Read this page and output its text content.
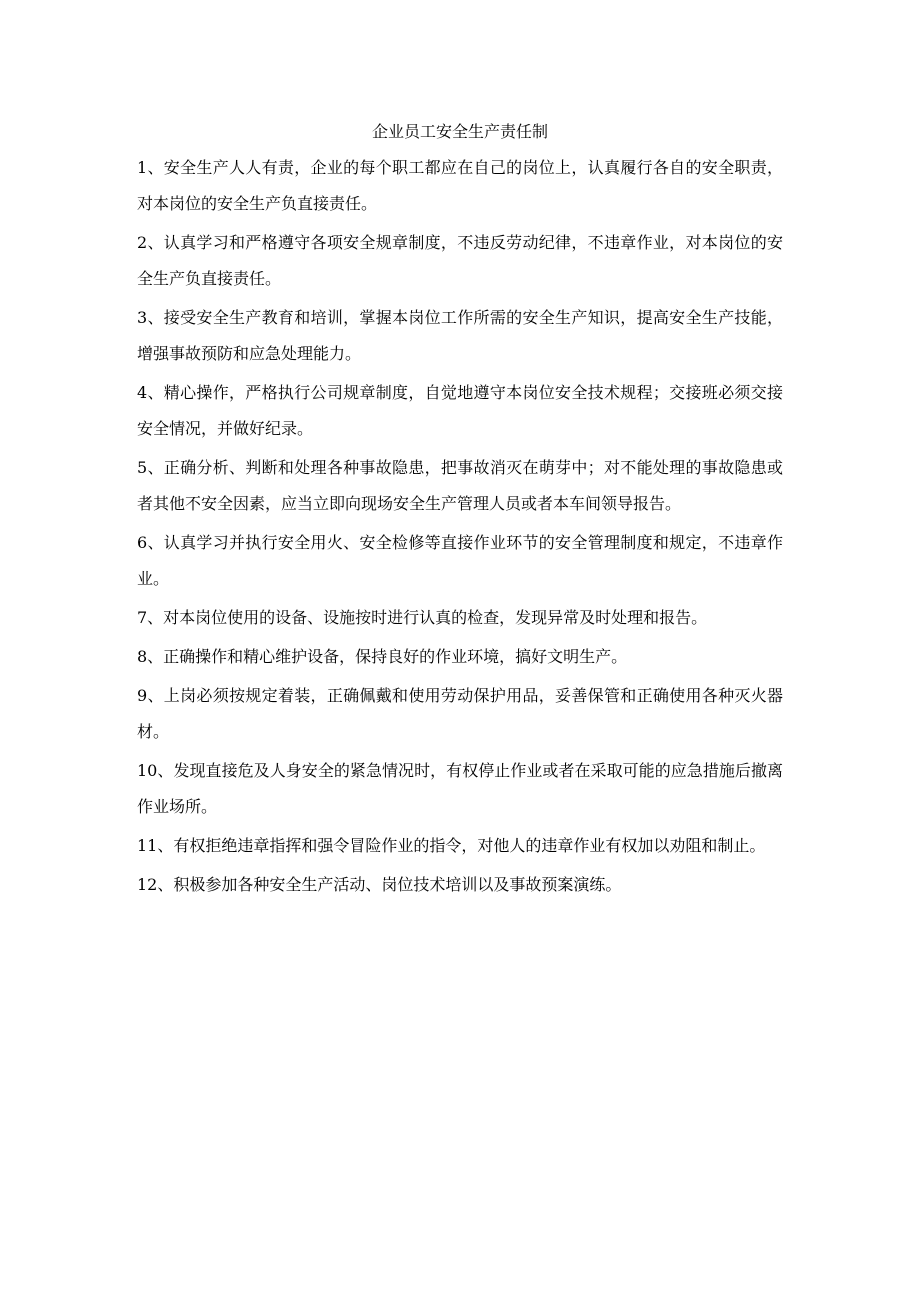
企业员工安全生产责任制

1、安全生产人人有责，企业的每个职工都应在自己的岗位上，认真履行各自的安全职责，对本岗位的安全生产负直接责任。

2、认真学习和严格遵守各项安全规章制度，不违反劳动纪律，不违章作业，对本岗位的安全生产负直接责任。

3、接受安全生产教育和培训，掌握本岗位工作所需的安全生产知识，提高安全生产技能，增强事故预防和应急处理能力。

4、精心操作，严格执行公司规章制度，自觉地遵守本岗位安全技术规程；交接班必须交接安全情况，并做好纪录。

5、正确分析、判断和处理各种事故隐患，把事故消灭在萌芽中；对不能处理的事故隐患或者其他不安全因素，应当立即向现场安全生产管理人员或者本车间领导报告。

6、认真学习并执行安全用火、安全检修等直接作业环节的安全管理制度和规定，不违章作业。

7、对本岗位使用的设备、设施按时进行认真的检查，发现异常及时处理和报告。

8、正确操作和精心维护设备，保持良好的作业环境，搞好文明生产。

9、上岗必须按规定着装，正确佩戴和使用劳动保护用品，妥善保管和正确使用各种灭火器材。

10、发现直接危及人身安全的紧急情况时，有权停止作业或者在采取可能的应急措施后撤离作业场所。

11、有权拒绝违章指挥和强令冒险作业的指令，对他人的违章作业有权加以劝阻和制止。

12、积极参加各种安全生产活动、岗位技术培训以及事故预案演练。
